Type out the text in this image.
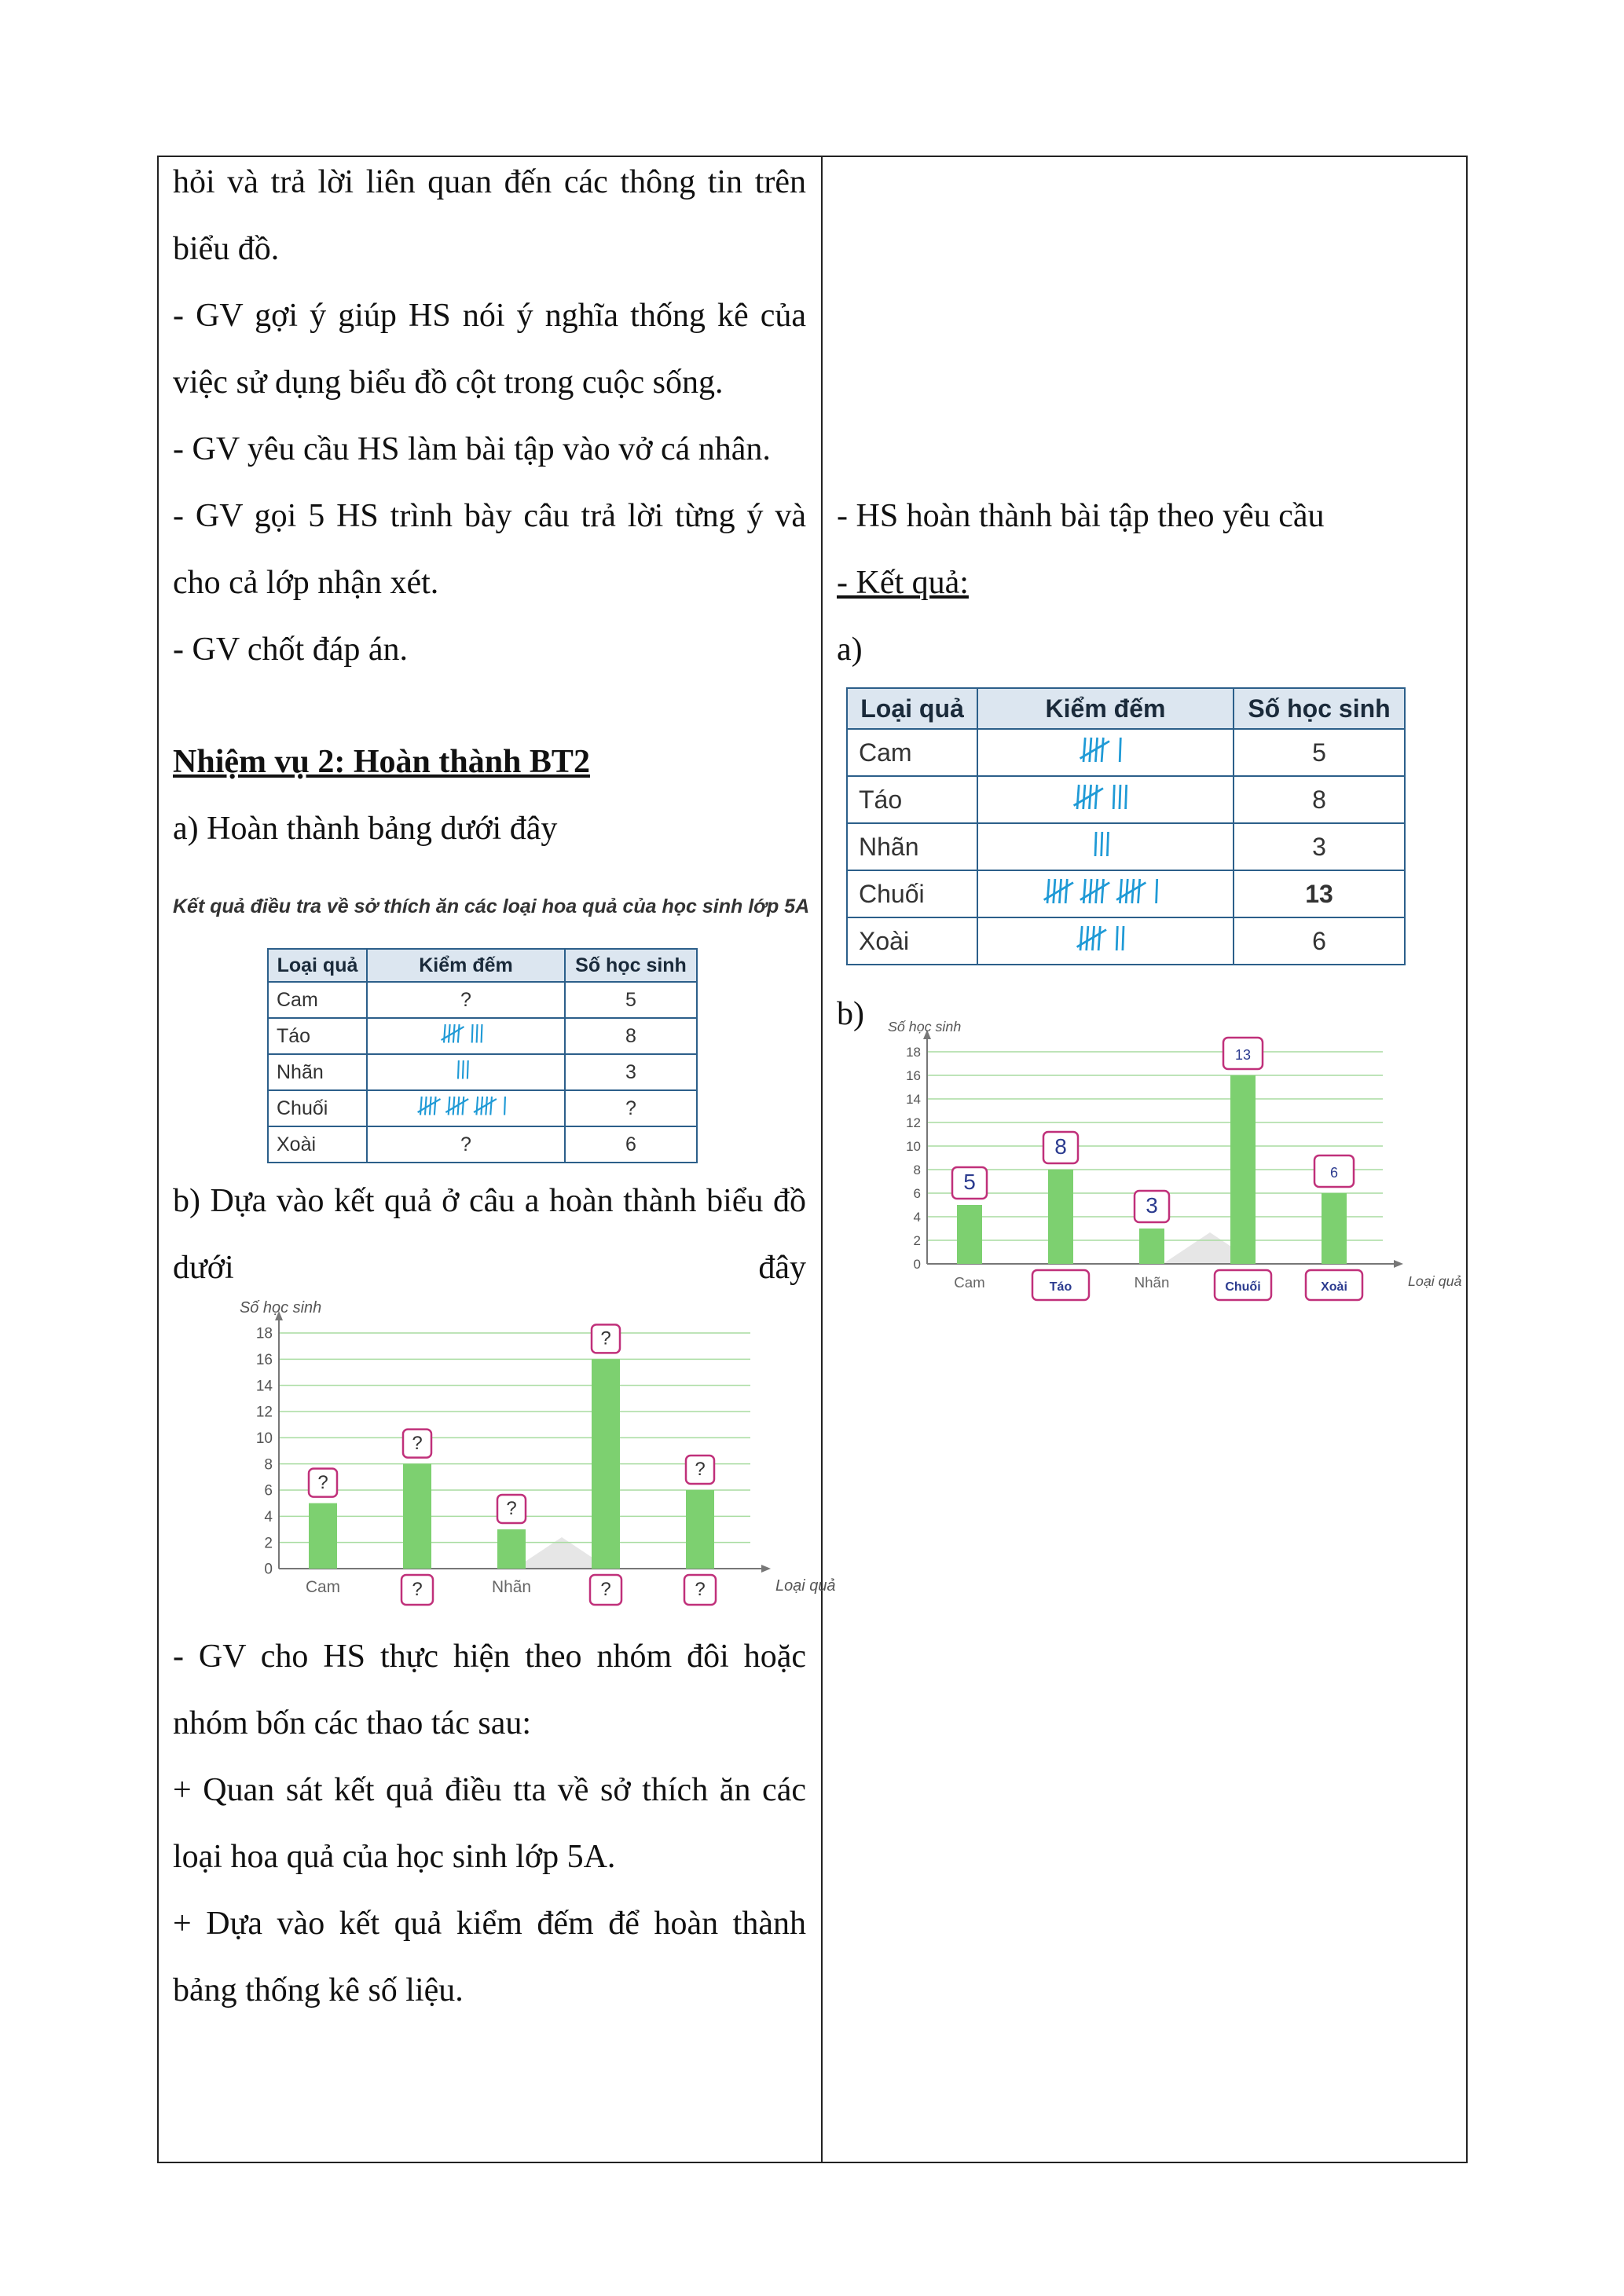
hỏi và trả lời liên quan đến các thông tin trên biểu đồ.

- GV gợi ý giúp HS nói ý nghĩa thống kê của việc sử dụng biểu đồ cột trong cuộc sống.

- GV yêu cầu HS làm bài tập vào vở cá nhân.

- GV gọi 5 HS trình bày câu trả lời từng ý và cho cả lớp nhận xét.

- GV chốt đáp án.

Nhiệm vụ 2: Hoàn thành BT2

a) Hoàn thành bảng dưới đây

Kết quả điều tra về sở thích ăn các loại hoa quả của học sinh lớp 5A
Loại quả	Kiểm đếm	Số học sinh
Cam	?	5
Táo		8
Nhãn		3
Chuối		?
Xoài	?	6

b) Dựa vào kết quả ở câu a hoàn thành biểu đồ dưới đây

0
2
4
6
8
10
12
14
16
18
Số học sinh
Loại quả
?
Cam
?
?
?
Nhãn
?
?
?
?

- GV cho HS thực hiện theo nhóm đôi hoặc nhóm bốn các thao tác sau:

+ Quan sát kết quả điều tta về sở thích ăn các loại hoa quả của học sinh lớp 5A.

+ Dựa vào kết quả kiểm đếm để hoàn thành bảng thống kê số liệu.

- HS hoàn thành bài tập theo yêu cầu

- Kết quả:

a)

Loại quả	Kiểm đếm	Số học sinh
Cam		5
Táo		8
Nhãn		3
Chuối		13
Xoài		6

b)

0
2
4
6
8
10
12
14
16
18
Số học sinh
Loại quả
5
Cam
8
Táo
3
Nhãn
13
Chuối
6
Xoài
